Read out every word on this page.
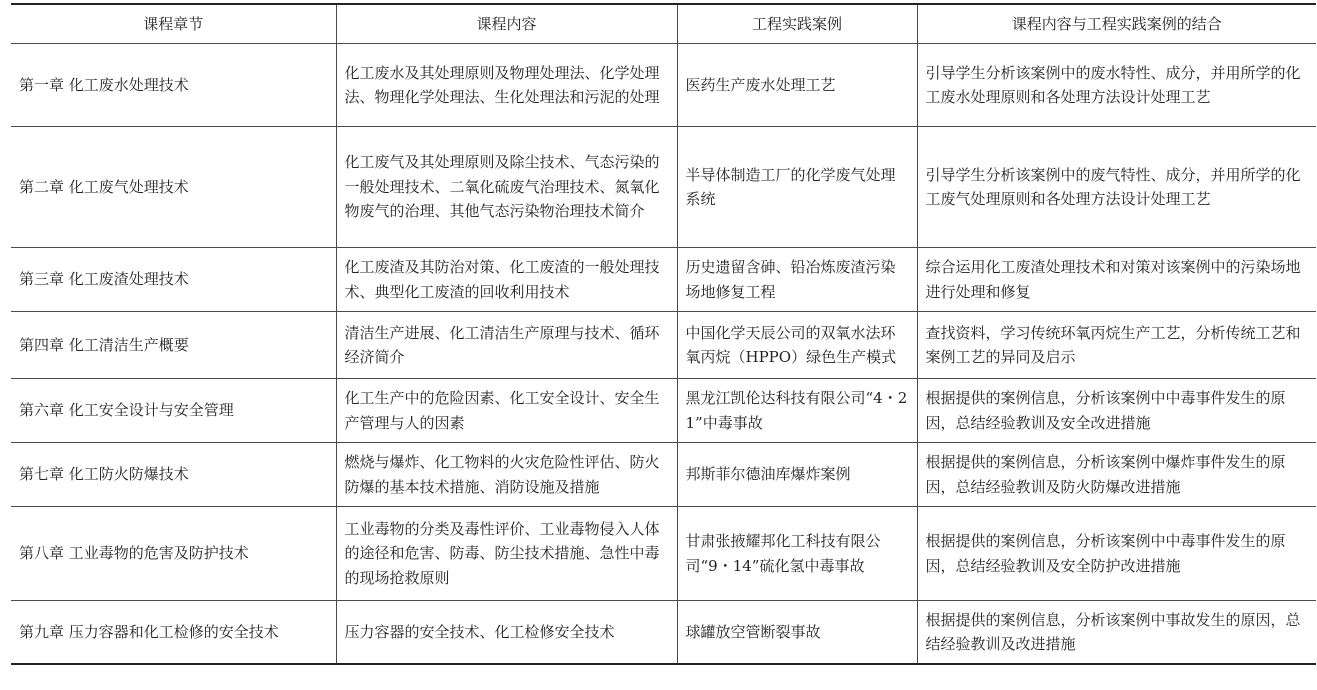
课程章节	课程内容	工程实践案例	课程内容与工程实践案例的结合
第一章 化工废水处理技术	化工废水及其处理原则及物理处理法、化学处理法、物理化学处理法、生化处理法和污泥的处理	医药生产废水处理工艺	引导学生分析该案例中的废水特性、成分，并用所学的化工废水处理原则和各处理方法设计处理工艺
第二章 化工废气处理技术	化工废气及其处理原则及除尘技术、气态污染的一般处理技术、二氧化硫废气治理技术、氮氧化物废气的治理、其他气态污染物治理技术简介	半导体制造工厂的化学废气处理系统	引导学生分析该案例中的废气特性、成分，并用所学的化工废气处理原则和各处理方法设计处理工艺
第三章 化工废渣处理技术	化工废渣及其防治对策、化工废渣的一般处理技术、典型化工废渣的回收利用技术	历史遗留含砷、铅冶炼废渣污染场地修复工程	综合运用化工废渣处理技术和对策对该案例中的污染场地进行处理和修复
第四章 化工清洁生产概要	清洁生产进展、化工清洁生产原理与技术、循环经济简介	中国化学天辰公司的双氧水法环氧丙烷（HPPO）绿色生产模式	查找资料，学习传统环氧丙烷生产工艺，分析传统工艺和案例工艺的异同及启示
第六章 化工安全设计与安全管理	化工生产中的危险因素、化工安全设计、安全生产管理与人的因素	黑龙江凯伦达科技有限公司“4・21”中毒事故	根据提供的案例信息，分析该案例中中毒事件发生的原因，总结经验教训及安全改进措施
第七章 化工防火防爆技术	燃烧与爆炸、化工物料的火灾危险性评估、防火防爆的基本技术措施、消防设施及措施	邦斯菲尔德油库爆炸案例	根据提供的案例信息，分析该案例中爆炸事件发生的原因，总结经验教训及防火防爆改进措施
第八章 工业毒物的危害及防护技术	工业毒物的分类及毒性评价、工业毒物侵入人体的途径和危害、防毒、防尘技术措施、急性中毒的现场抢救原则	甘肃张掖耀邦化工科技有限公司“9・14”硫化氢中毒事故	根据提供的案例信息，分析该案例中中毒事件发生的原因，总结经验教训及安全防护改进措施
第九章 压力容器和化工检修的安全技术	压力容器的安全技术、化工检修安全技术	球罐放空管断裂事故	根据提供的案例信息，分析该案例中事故发生的原因，总结经验教训及改进措施
